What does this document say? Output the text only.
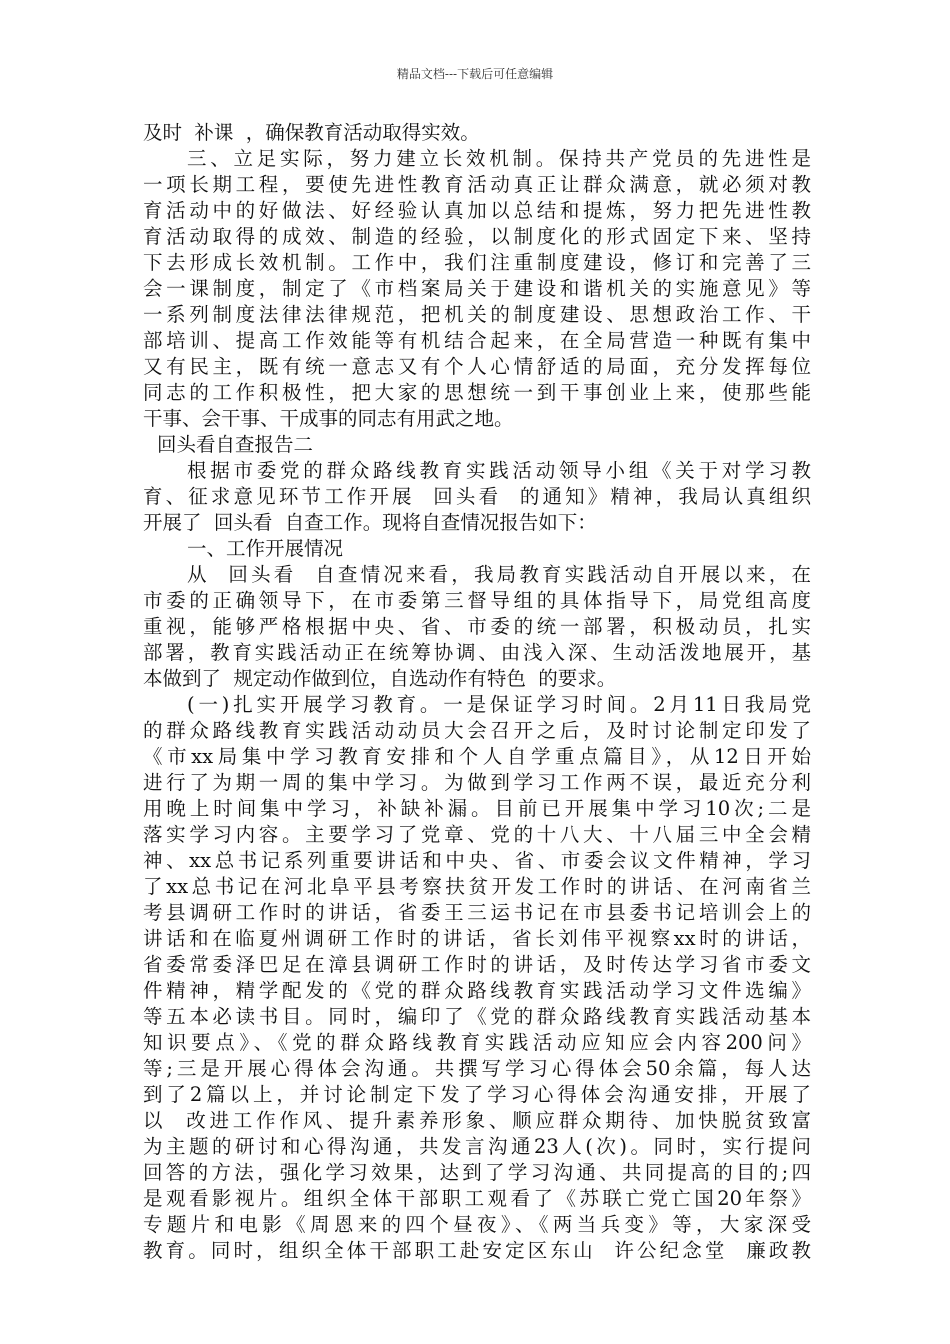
精品文档---下载后可任意编辑
及时  补课  ，确保教育活动取得实效。
三、立足实际，努力建立长效机制。保持共产党员的先进性是
一项长期工程，要使先进性教育活动真正让群众满意，就必须对教
育活动中的好做法、好经验认真加以总结和提炼，努力把先进性教
育活动取得的成效、制造的经验，以制度化的形式固定下来、坚持
下去形成长效机制。工作中，我们注重制度建设，修订和完善了三
会一课制度，制定了《市档案局关于建设和谐机关的实施意见》等
一系列制度法律法律规范，把机关的制度建设、思想政治工作、干
部培训、提高工作效能等有机结合起来，在全局营造一种既有集中
又有民主，既有统一意志又有个人心情舒适的局面，充分发挥每位
同志的工作积极性，把大家的思想统一到干事创业上来，使那些能
干事、会干事、干成事的同志有用武之地。
回头看自查报告二
根据市委党的群众路线教育实践活动领导小组《关于对学习教
育、征求意见环节工作开展  回头看  的通知》精神，我局认真组织
开展了  回头看  自查工作。现将自查情况报告如下：
一、工作开展情况
从  回头看  自查情况来看，我局教育实践活动自开展以来，在
市委的正确领导下，在市委第三督导组的具体指导下，局党组高度
重视，能够严格根据中央、省、市委的统一部署，积极动员，扎实
部署，教育实践活动正在统筹协调、由浅入深、生动活泼地展开，基
本做到了  规定动作做到位，自选动作有特色  的要求。
(一)扎实开展学习教育。一是保证学习时间。2月11日我局党
的群众路线教育实践活动动员大会召开之后，及时讨论制定印发了
《市xx局集中学习教育安排和个人自学重点篇目》，从12日开始
进行了为期一周的集中学习。为做到学习工作两不误，最近充分利
用晚上时间集中学习，补缺补漏。目前已开展集中学习10次;二是
落实学习内容。主要学习了党章、党的十八大、十八届三中全会精
神、xx总书记系列重要讲话和中央、省、市委会议文件精神，学习
了xx总书记在河北阜平县考察扶贫开发工作时的讲话、在河南省兰
考县调研工作时的讲话，省委王三运书记在市县委书记培训会上的
讲话和在临夏州调研工作时的讲话，省长刘伟平视察xx时的讲话，
省委常委泽巴足在漳县调研工作时的讲话，及时传达学习省市委文
件精神，精学配发的《党的群众路线教育实践活动学习文件选编》
等五本必读书目。同时，编印了《党的群众路线教育实践活动基本
知识要点》、《党的群众路线教育实践活动应知应会内容200问》
等;三是开展心得体会沟通。共撰写学习心得体会50余篇，每人达
到了2篇以上，并讨论制定下发了学习心得体会沟通安排，开展了
以  改进工作作风、提升素养形象、顺应群众期待、加快脱贫致富
为主题的研讨和心得沟通，共发言沟通23人(次)。同时，实行提问
回答的方法，强化学习效果，达到了学习沟通、共同提高的目的;四
是观看影视片。组织全体干部职工观看了《苏联亡党亡国20年祭》
专题片和电影《周恩来的四个昼夜》、《两当兵变》等，大家深受
教育。同时，组织全体干部职工赴安定区东山  许公纪念堂  廉政教
